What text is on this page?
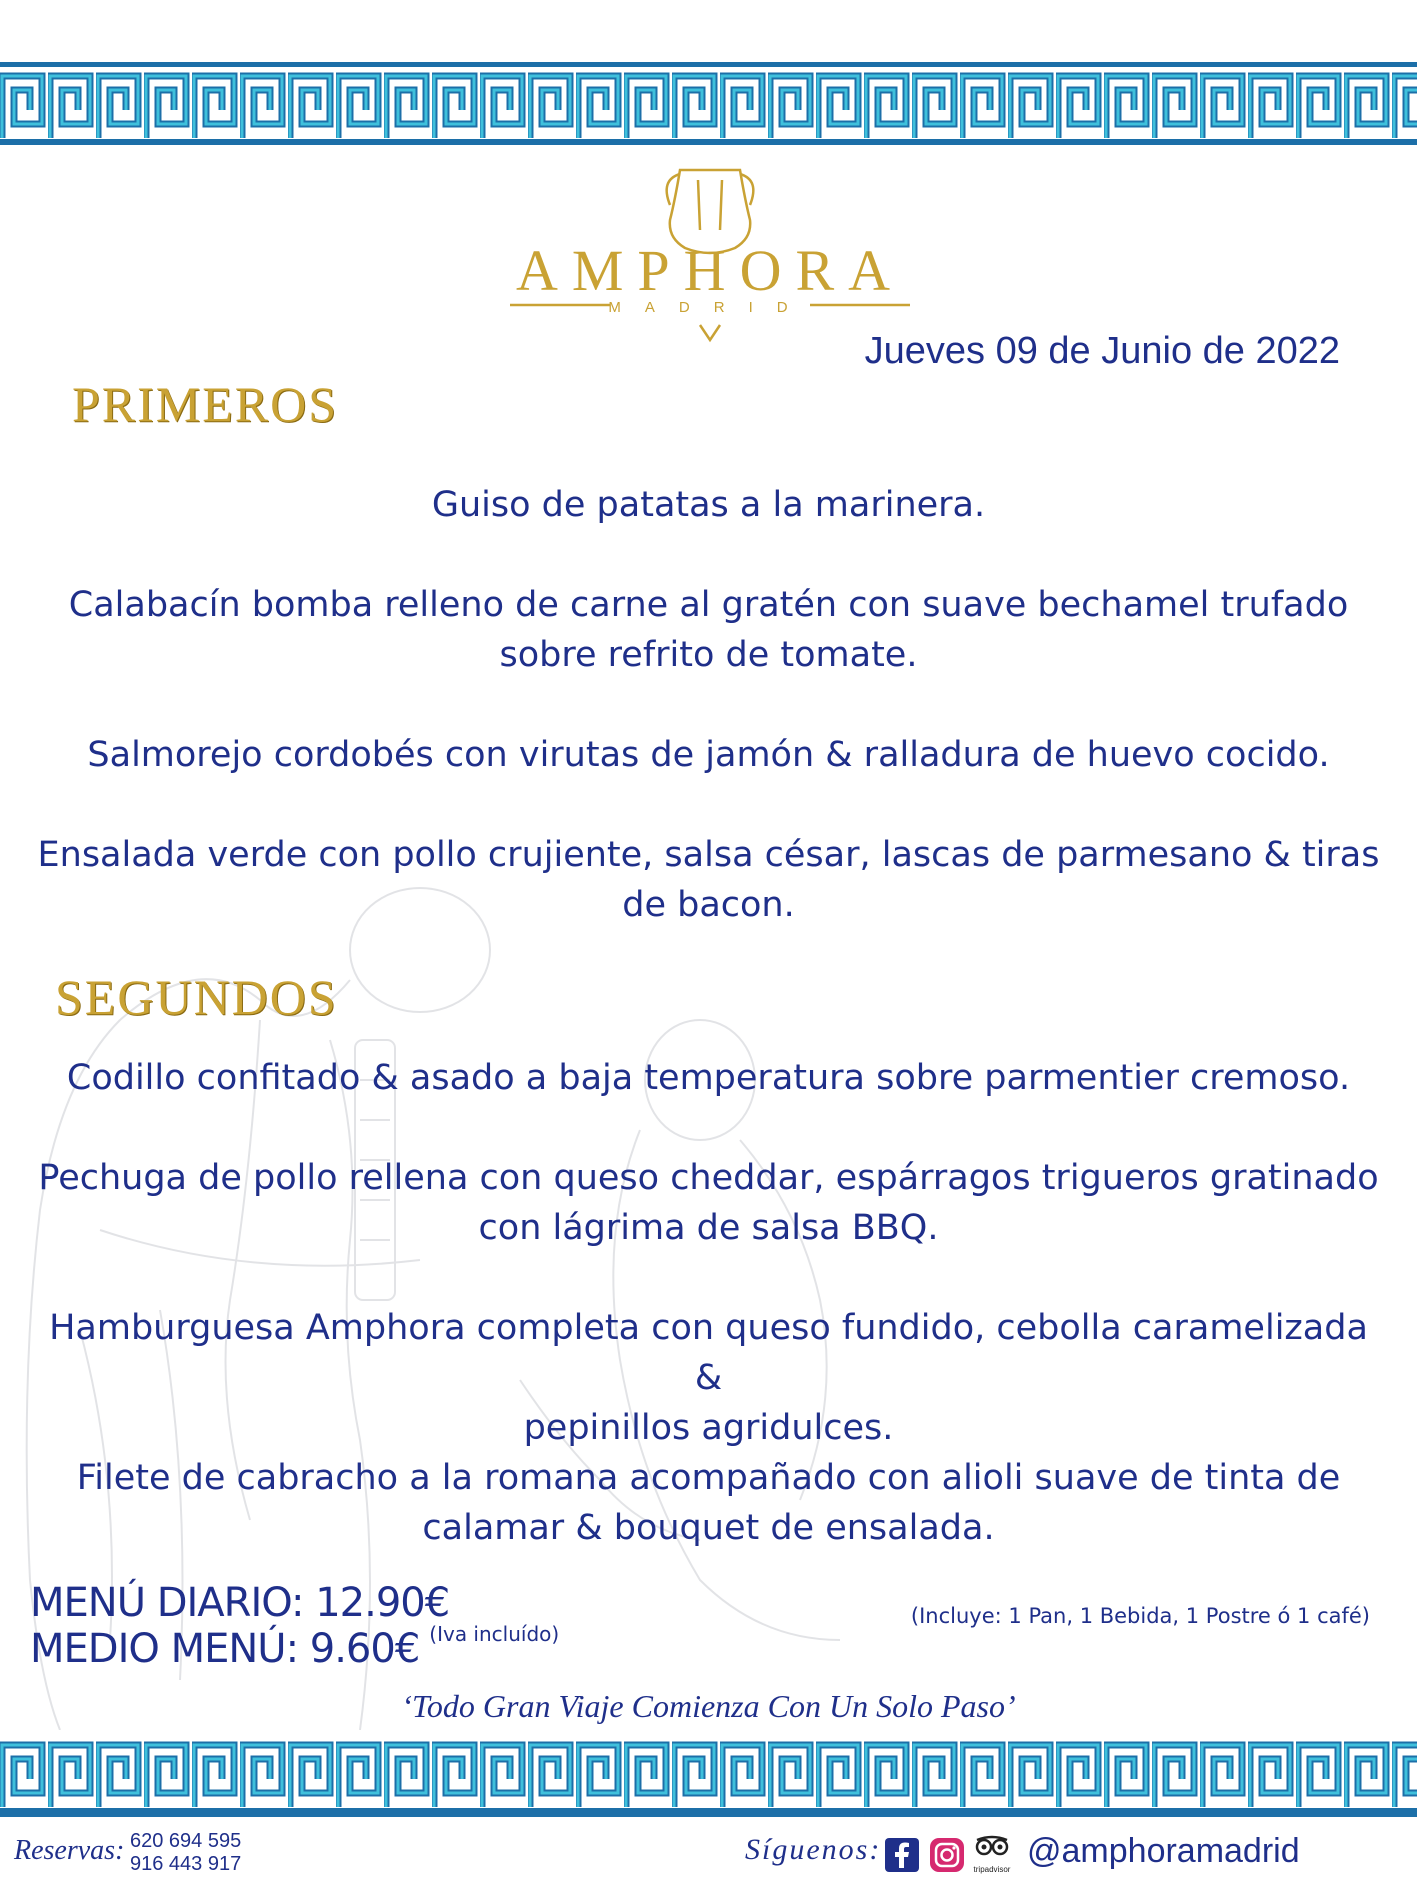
AMPHORA
MADRID
Jueves 09 de Junio de 2022
PRIMEROS
Guiso de patatas a la marinera.
Calabacín bomba relleno de carne al gratén con suave bechamel trufado
sobre refrito de tomate.
Salmorejo cordobés con virutas de jamón & ralladura de huevo cocido.
Ensalada verde con pollo crujiente, salsa césar, lascas de parmesano & tiras
de bacon.
SEGUNDOS
Codillo confitado & asado a baja temperatura sobre parmentier cremoso.
Pechuga de pollo rellena con queso cheddar, espárragos trigueros gratinado
con lágrima de salsa BBQ.
Hamburguesa Amphora completa con queso fundido, cebolla caramelizada &
pepinillos agridulces.
Filete de cabracho a la romana acompañado con alioli suave de tinta de
calamar & bouquet de ensalada.
MENÚ DIARIO: 12.90€
MEDIO MENÚ: 9.60€ $^{(Iva incluído)}$
(Incluye: 1 Pan, 1 Bebida, 1 Postre ó 1 café)
‘Todo Gran Viaje Comienza Con Un Solo Paso’
Reservas: 620 694 595
916 443 917	Síguenos:
tripadvisor @amphoramadrid
